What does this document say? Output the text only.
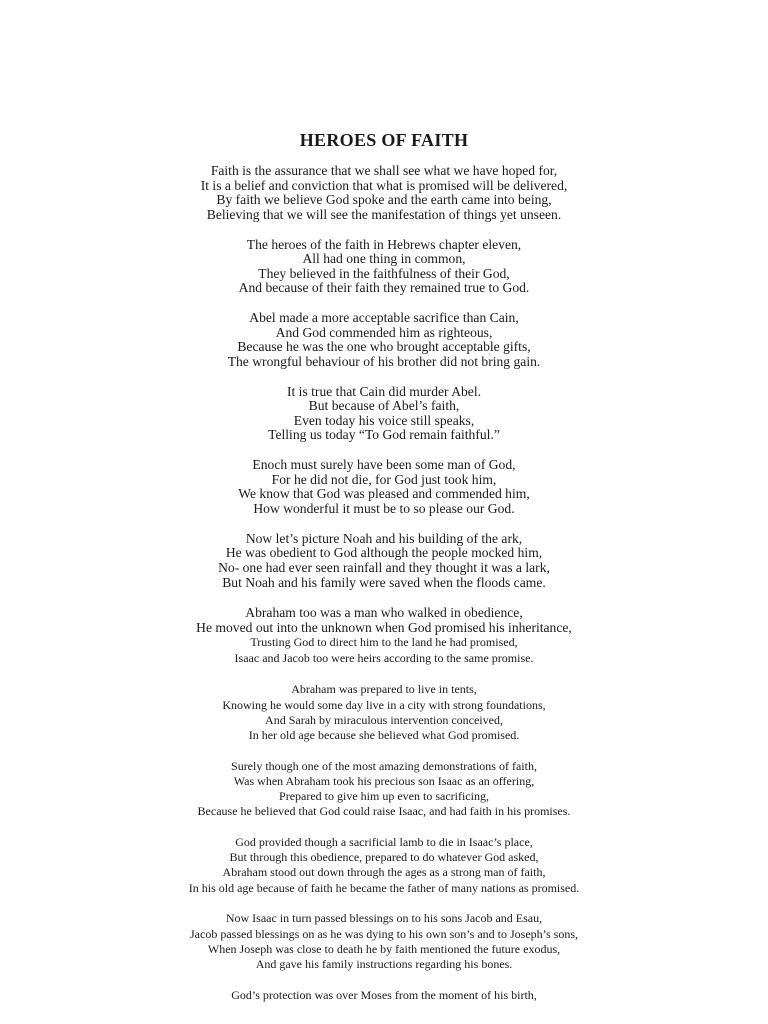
HEROES OF FAITH
Faith is the assurance that we shall see what we have hoped for,
It is a belief and conviction that what is promised will be delivered,
By faith we believe God spoke and the earth came into being,
Believing that we will see the manifestation of things yet unseen.
The heroes of the faith in Hebrews chapter eleven,
All had one thing in common,
They believed in the faithfulness of their God,
And because of their faith they remained true to God.
Abel made a more acceptable sacrifice than Cain,
And God commended him as righteous,
Because he was the one who brought acceptable gifts,
The wrongful behaviour of his brother did not bring gain.
It is true that Cain did murder Abel.
But because of Abel’s faith,
Even today his voice still speaks,
Telling us today “To God remain faithful.”
Enoch must surely have been some man of God,
For he did not die, for God just took him,
We know that God was pleased and commended him,
How wonderful it must be to so please our God.
Now let’s picture Noah and his building of the ark,
He was obedient to God although the people mocked him,
No- one had ever seen rainfall and they thought it was a lark,
But Noah and his family were saved when the floods came.
Abraham too was a man who walked in obedience,
He moved out into the unknown when God promised his inheritance,
Trusting God to direct him to the land he had promised,
Isaac and Jacob too were heirs according to the same promise.
Abraham was prepared to live in tents,
Knowing he would some day live in a city with strong foundations,
And Sarah by miraculous intervention conceived,
In her old age because she believed what God promised.
Surely though one of the most amazing demonstrations of faith,
Was when Abraham took his precious son Isaac as an offering,
Prepared to give him up even to sacrificing,
Because he believed that God could raise Isaac, and had faith in his promises.
God provided though a sacrificial lamb to die in Isaac’s place,
But through this obedience, prepared to do whatever God asked,
Abraham stood out down through the ages as a strong man of faith,
In his old age because of faith he became the father of many nations as promised.
Now Isaac in turn passed blessings on to his sons Jacob and Esau,
Jacob passed blessings on as he was dying to his own son’s and to Joseph’s sons,
When Joseph was close to death he by faith mentioned the future exodus,
And gave his family instructions regarding his bones.
God’s protection was over Moses from the moment of his birth,
